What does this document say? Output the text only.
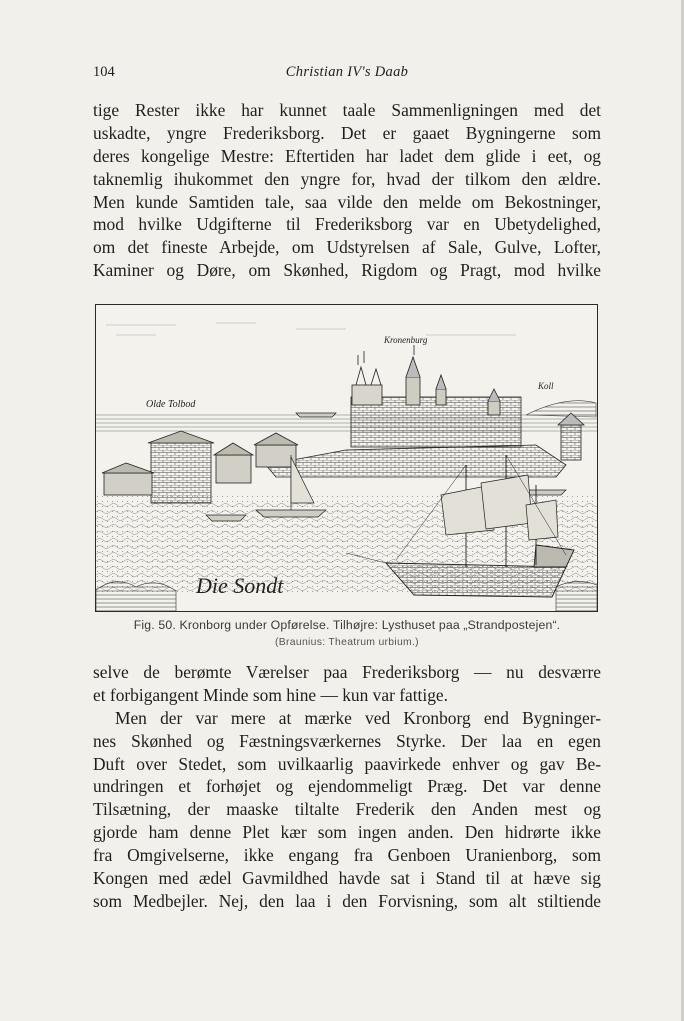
104	Christian IV's Daab
tige Rester ikke har kunnet taale Sammenligningen med det
uskadte, yngre Frederiksborg. Det er gaaet Bygningerne som
deres kongelige Mestre: Eftertiden har ladet dem glide i eet, og
taknemlig ihukommet den yngre for, hvad der tilkom den ældre.
Men kunde Samtiden tale, saa vilde den melde om Bekostninger,
mod hvilke Udgifterne til Frederiksborg var en Ubetydelighed,
om det fineste Arbejde, om Udstyrelsen af Sale, Gulve, Lofter,
Kaminer og Døre, om Skønhed, Rigdom og Pragt, mod hvilke
Kronenburg
Olde Tolbod
Koll
Die Sondt
Fig. 50. Kronborg under Opførelse. Tilhøjre: Lysthuset paa „Strandpostejen“.
(Braunius: Theatrum urbium.)
selve de berømte Værelser paa Frederiksborg — nu desværre
et forbigangent Minde som hine — kun var fattige.
Men der var mere at mærke ved Kronborg end Bygninger-
nes Skønhed og Fæstningsværkernes Styrke. Der laa en egen
Duft over Stedet, som uvilkaarlig paavirkede enhver og gav Be-
undringen et forhøjet og ejendommeligt Præg. Det var denne
Tilsætning, der maaske tiltalte Frederik den Anden mest og
gjorde ham denne Plet kær som ingen anden. Den hidrørte ikke
fra Omgivelserne, ikke engang fra Genboen Uranienborg, som
Kongen med ædel Gavmildhed havde sat i Stand til at hæve sig
som Medbejler. Nej, den laa i den Forvisning, som alt stiltiende
